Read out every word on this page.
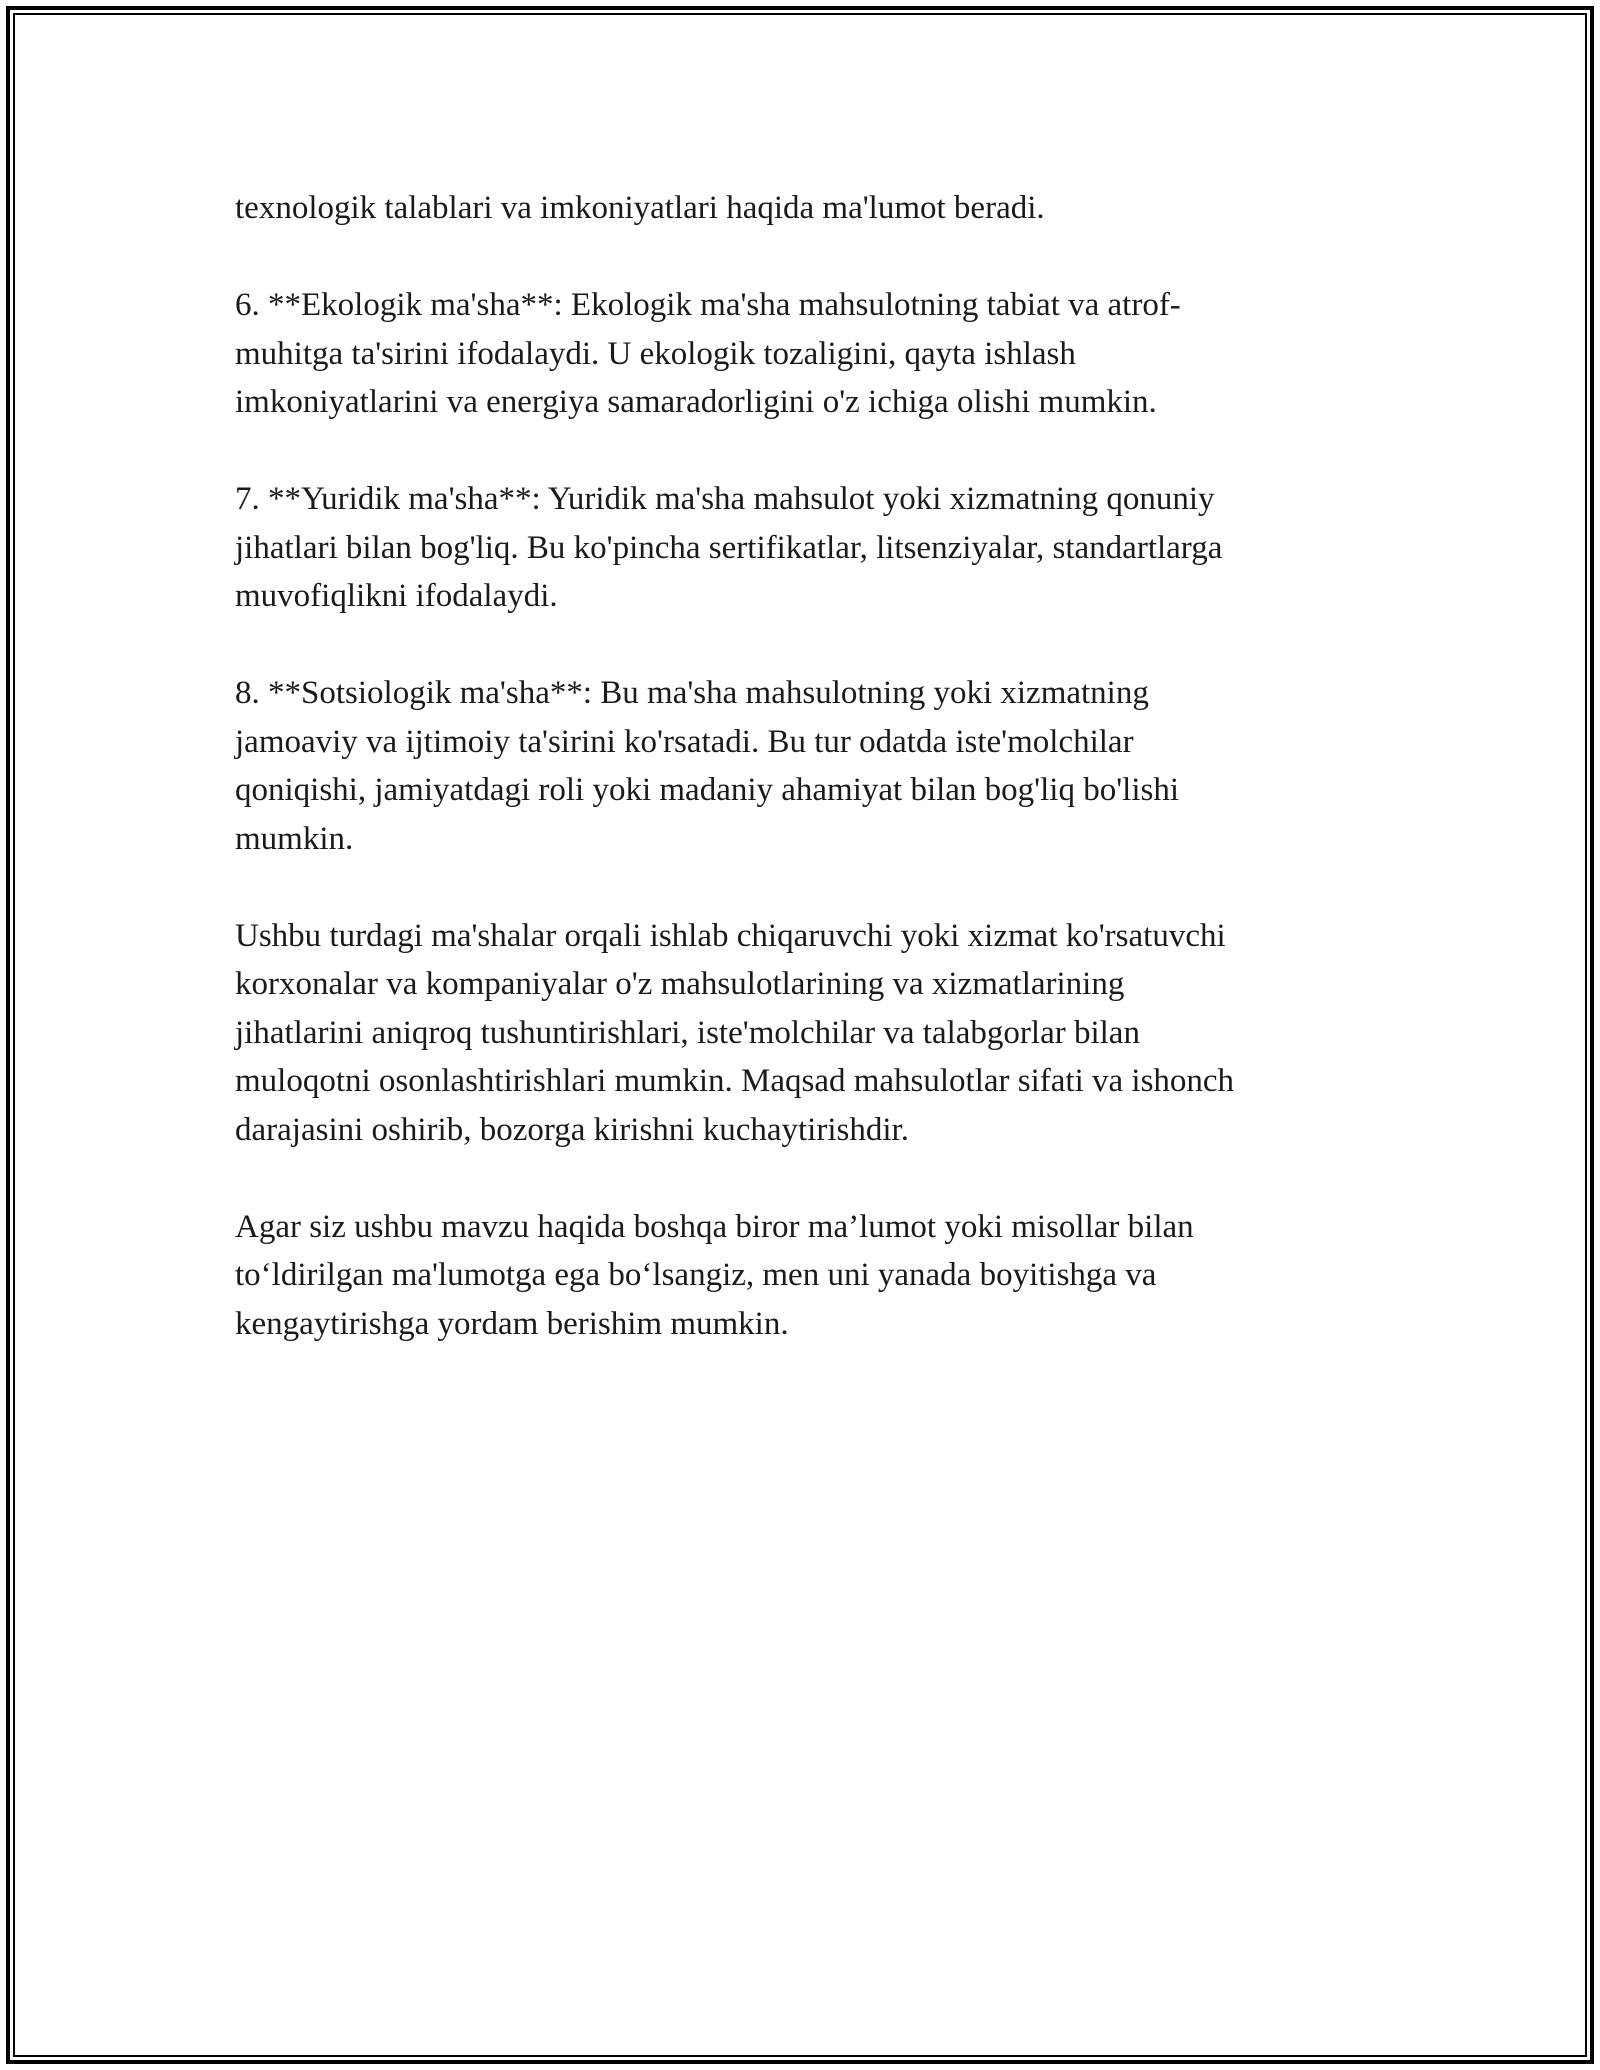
texnologik talablari va imkoniyatlari haqida ma'lumot beradi.

6. **Ekologik ma'sha**: Ekologik ma'sha mahsulotning tabiat va atrof-
muhitga ta'sirini ifodalaydi. U ekologik tozaligini, qayta ishlash
imkoniyatlarini va energiya samaradorligini o'z ichiga olishi mumkin.

7. **Yuridik ma'sha**: Yuridik ma'sha mahsulot yoki xizmatning qonuniy
jihatlari bilan bog'liq. Bu ko'pincha sertifikatlar, litsenziyalar, standartlarga
muvofiqlikni ifodalaydi.

8. **Sotsiologik ma'sha**: Bu ma'sha mahsulotning yoki xizmatning
jamoaviy va ijtimoiy ta'sirini ko'rsatadi. Bu tur odatda iste'molchilar
qoniqishi, jamiyatdagi roli yoki madaniy ahamiyat bilan bog'liq bo'lishi
mumkin.

Ushbu turdagi ma'shalar orqali ishlab chiqaruvchi yoki xizmat ko'rsatuvchi
korxonalar va kompaniyalar o'z mahsulotlarining va xizmatlarining
jihatlarini aniqroq tushuntirishlari, iste'molchilar va talabgorlar bilan
muloqotni osonlashtirishlari mumkin. Maqsad mahsulotlar sifati va ishonch
darajasini oshirib, bozorga kirishni kuchaytirishdir.

Agar siz ushbu mavzu haqida boshqa biror ma’lumot yoki misollar bilan
to‘ldirilgan ma'lumotga ega bo‘lsangiz, men uni yanada boyitishga va
kengaytirishga yordam berishim mumkin.
